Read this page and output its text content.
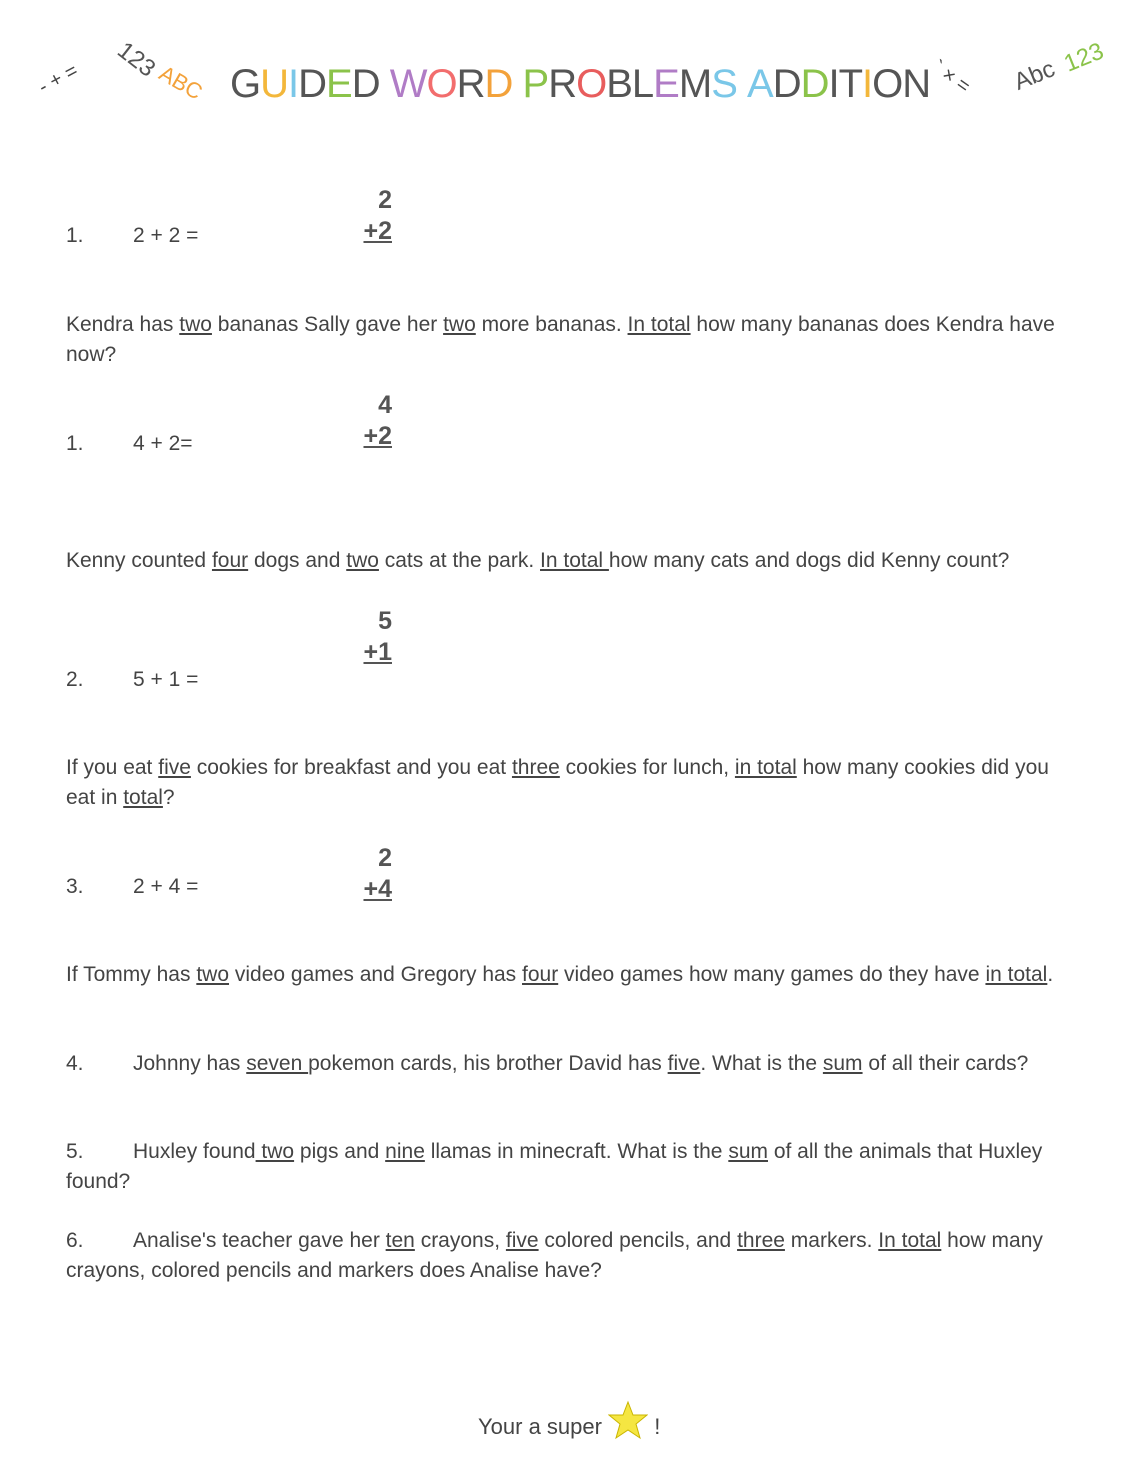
- + = 123
ABC GUIDED WORD PROBLEMS ADDITION
` × = Abc 123
1. 2 + 2 =
2
+2
Kendra has two bananas Sally gave her two more bananas. In total how many bananas does Kendra have now?
1. 4 + 2=
4
+2
Kenny counted four dogs and two cats at the park. In total how many cats and dogs did Kenny count?
2. 5 + 1 =
5
+1
If you eat five cookies for breakfast and you eat three cookies for lunch, in total how many cookies did you eat in total?
3. 2 + 4 =
2
+4
If Tommy has two video games and Gregory has four video games how many games do they have in total.
4. Johnny has seven pokemon cards, his brother David has five. What is the sum of all their cards?
5. Huxley found two pigs and nine llamas in minecraft. What is the sum of all the animals that Huxley found?
6. Analise's teacher gave her ten crayons, five colored pencils, and three markers. In total how many crayons, colored pencils and markers does Analise have?
Your a super !
